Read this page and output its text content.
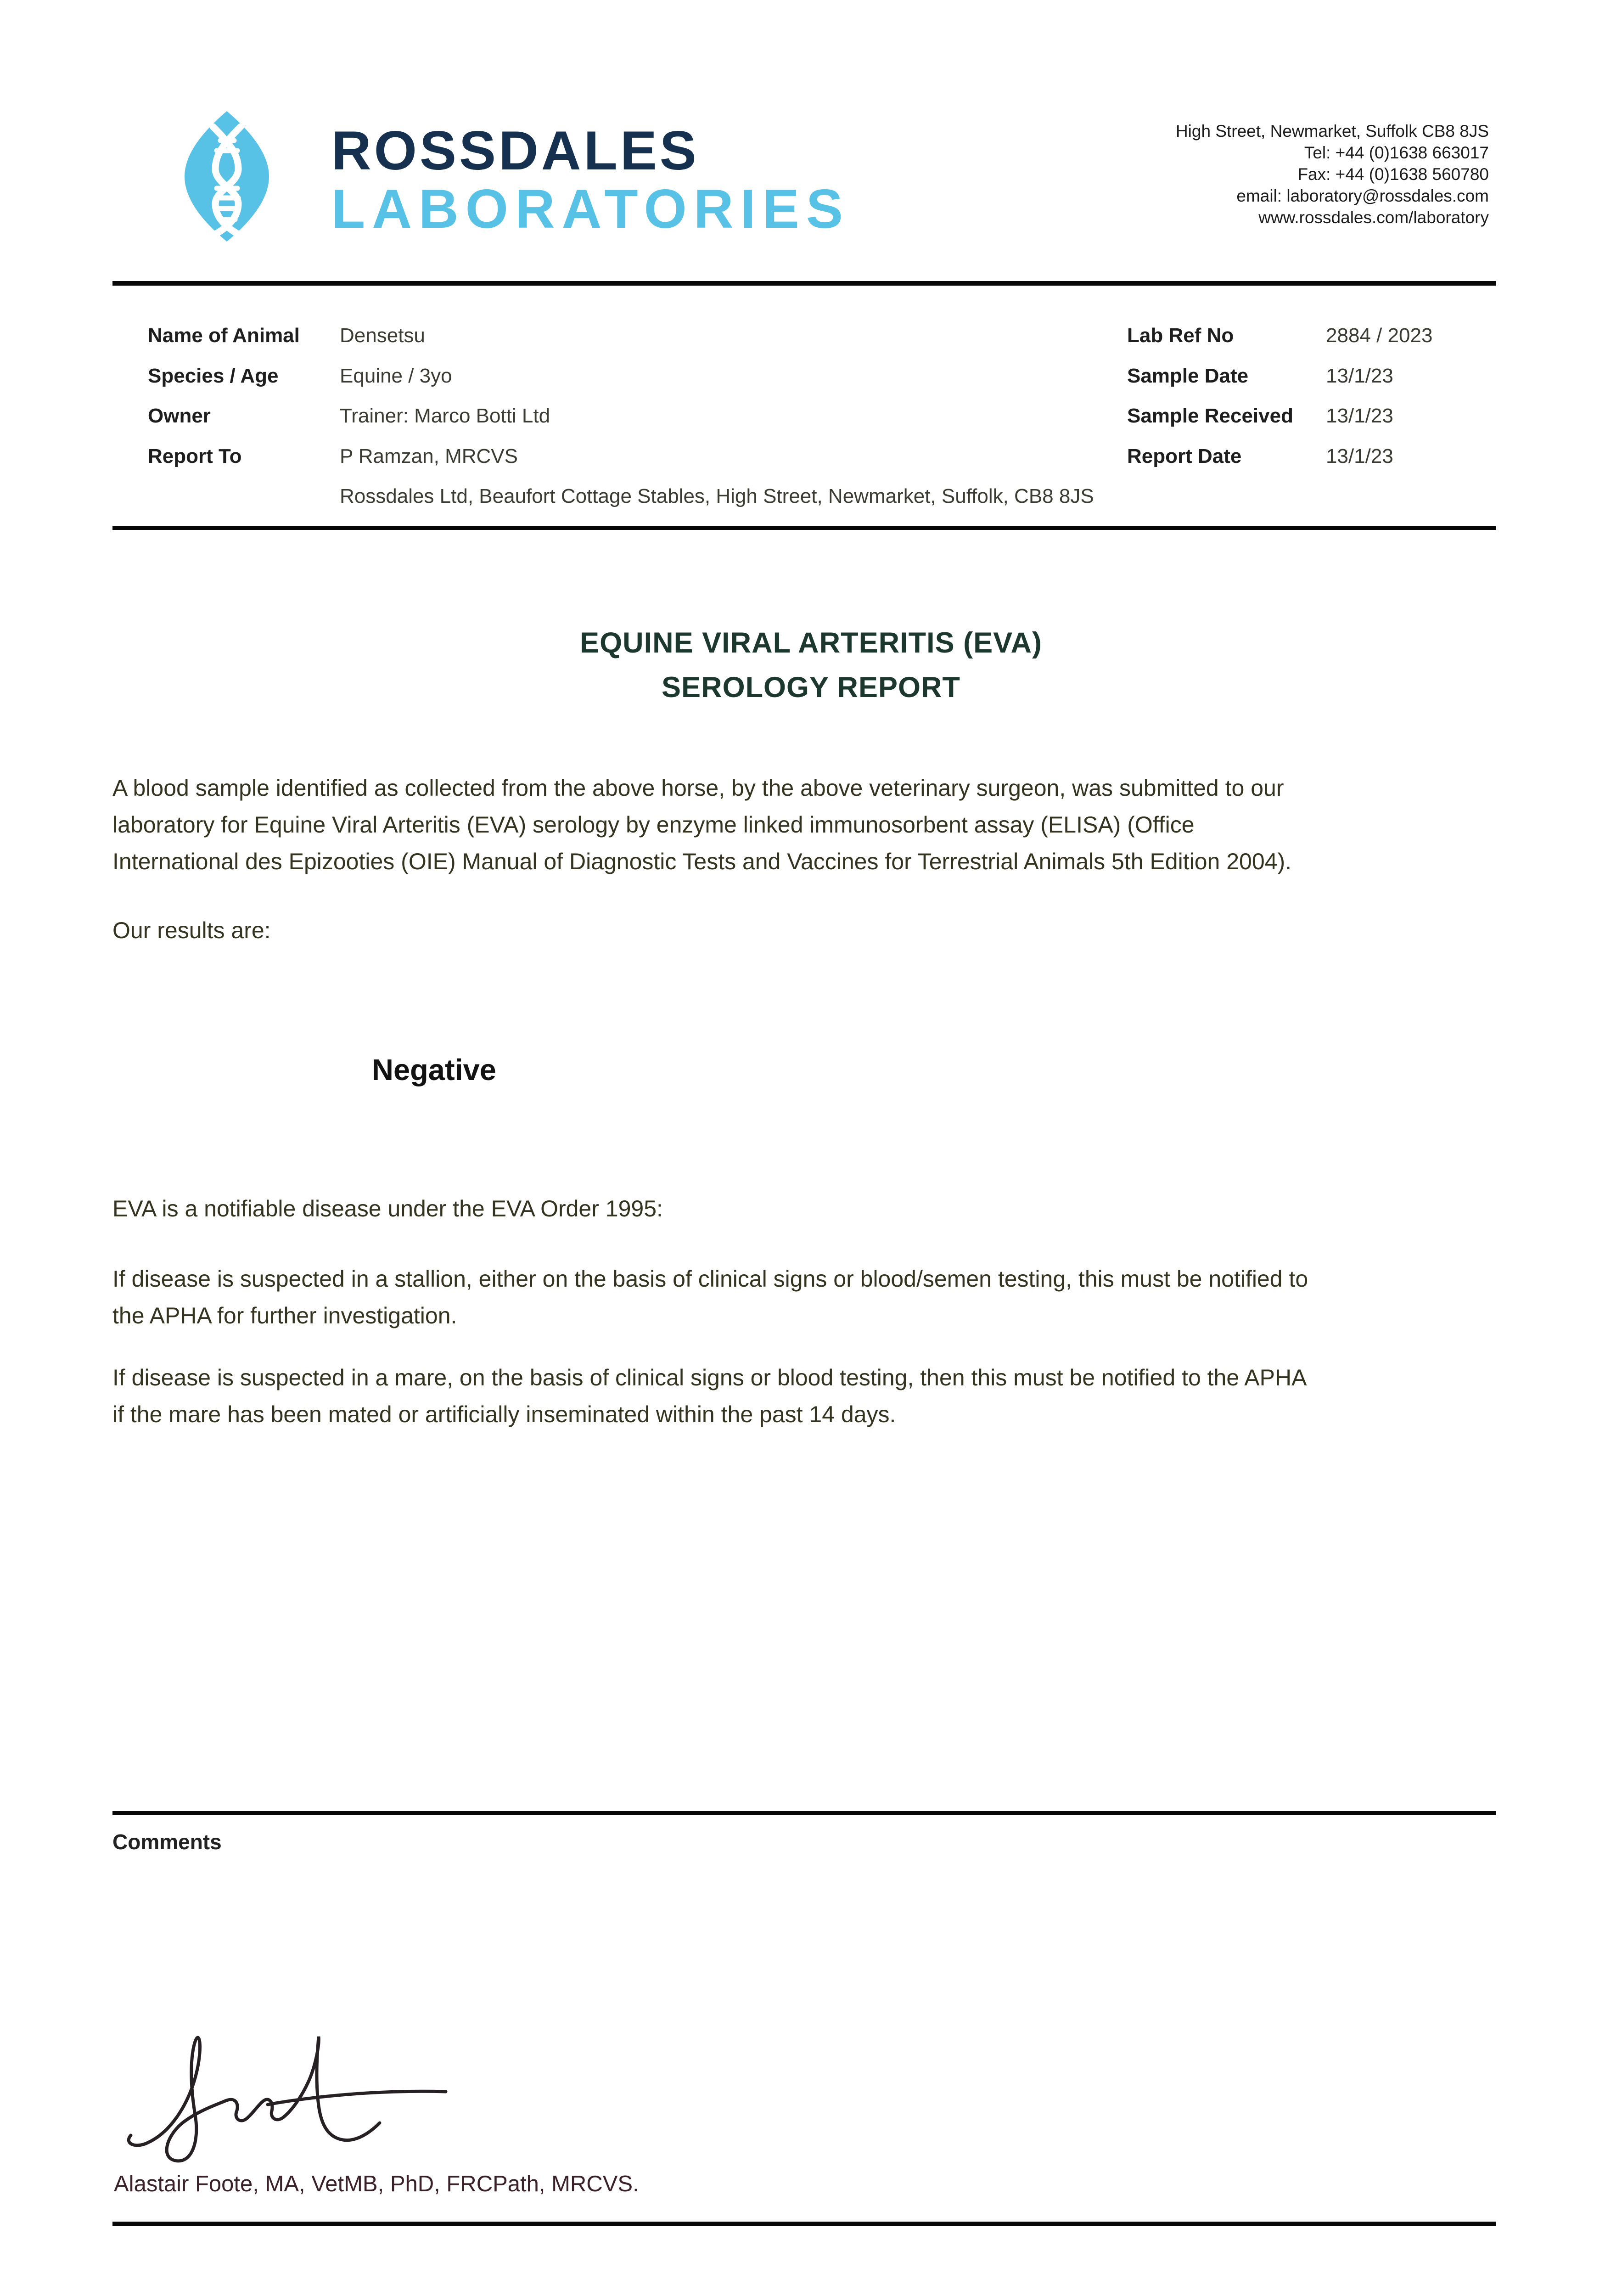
ROSSDALES
LABORATORIES
High Street, Newmarket, Suffolk CB8 8JS
Tel: +44 (0)1638 663017
Fax: +44 (0)1638 560780
email: laboratory@rossdales.com
www.rossdales.com/laboratory
Name of Animal Densetsu
Species / Age	Equine / 3yo
Owner	Trainer: Marco Botti Ltd
Report To	P Ramzan, MRCVS
Rossdales Ltd, Beaufort Cottage Stables, High Street, Newmarket, Suffolk, CB8 8JS
Lab Ref No	2884 / 2023
Sample Date	13/1/23
Sample Received 13/1/23
Report Date	13/1/23
EQUINE VIRAL ARTERITIS (EVA)
SEROLOGY REPORT
A blood sample identified as collected from the above horse, by the above veterinary surgeon, was submitted to our
laboratory for Equine Viral Arteritis (EVA) serology by enzyme linked immunosorbent assay (ELISA) (Office
International des Epizooties (OIE) Manual of Diagnostic Tests and Vaccines for Terrestrial Animals 5th Edition 2004).
Our results are:
Negative
EVA is a notifiable disease under the EVA Order 1995:
If disease is suspected in a stallion, either on the basis of clinical signs or blood/semen testing, this must be notified to
the APHA for further investigation.
If disease is suspected in a mare, on the basis of clinical signs or blood testing, then this must be notified to the APHA
if the mare has been mated or artificially inseminated within the past 14 days.
Comments
Alastair Foote, MA, VetMB, PhD, FRCPath, MRCVS.
